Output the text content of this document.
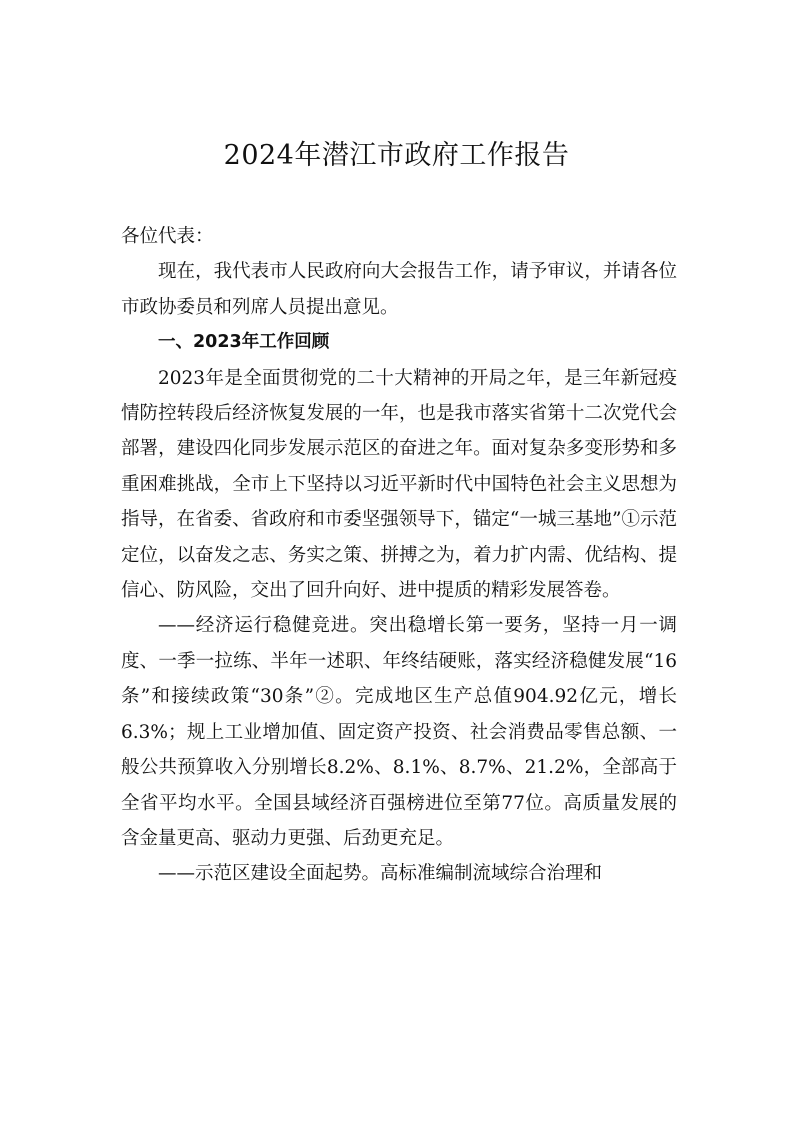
2024年潜江市政府工作报告

各位代表：

现在，我代表市人民政府向大会报告工作，请予审议，并请各位市政协委员和列席人员提出意见。

一、2023年工作回顾

2023年是全面贯彻党的二十大精神的开局之年，是三年新冠疫情防控转段后经济恢复发展的一年，也是我市落实省第十二次党代会部署，建设四化同步发展示范区的奋进之年。面对复杂多变形势和多重困难挑战，全市上下坚持以习近平新时代中国特色社会主义思想为指导，在省委、省政府和市委坚强领导下，锚定“一城三基地”①示范定位，以奋发之志、务实之策、拼搏之为，着力扩内需、优结构、提信心、防风险，交出了回升向好、进中提质的精彩发展答卷。

——经济运行稳健竞进。突出稳增长第一要务，坚持一月一调度、一季一拉练、半年一述职、年终结硬账，落实经济稳健发展“16条”和接续政策“30条”②。完成地区生产总值904.92亿元，增长6.3%；规上工业增加值、固定资产投资、社会消费品零售总额、一般公共预算收入分别增长8.2%、8.1%、8.7%、21.2%，全部高于全省平均水平。全国县域经济百强榜进位至第77位。高质量发展的含金量更高、驱动力更强、后劲更充足。

——示范区建设全面起势。高标准编制流域综合治理和
